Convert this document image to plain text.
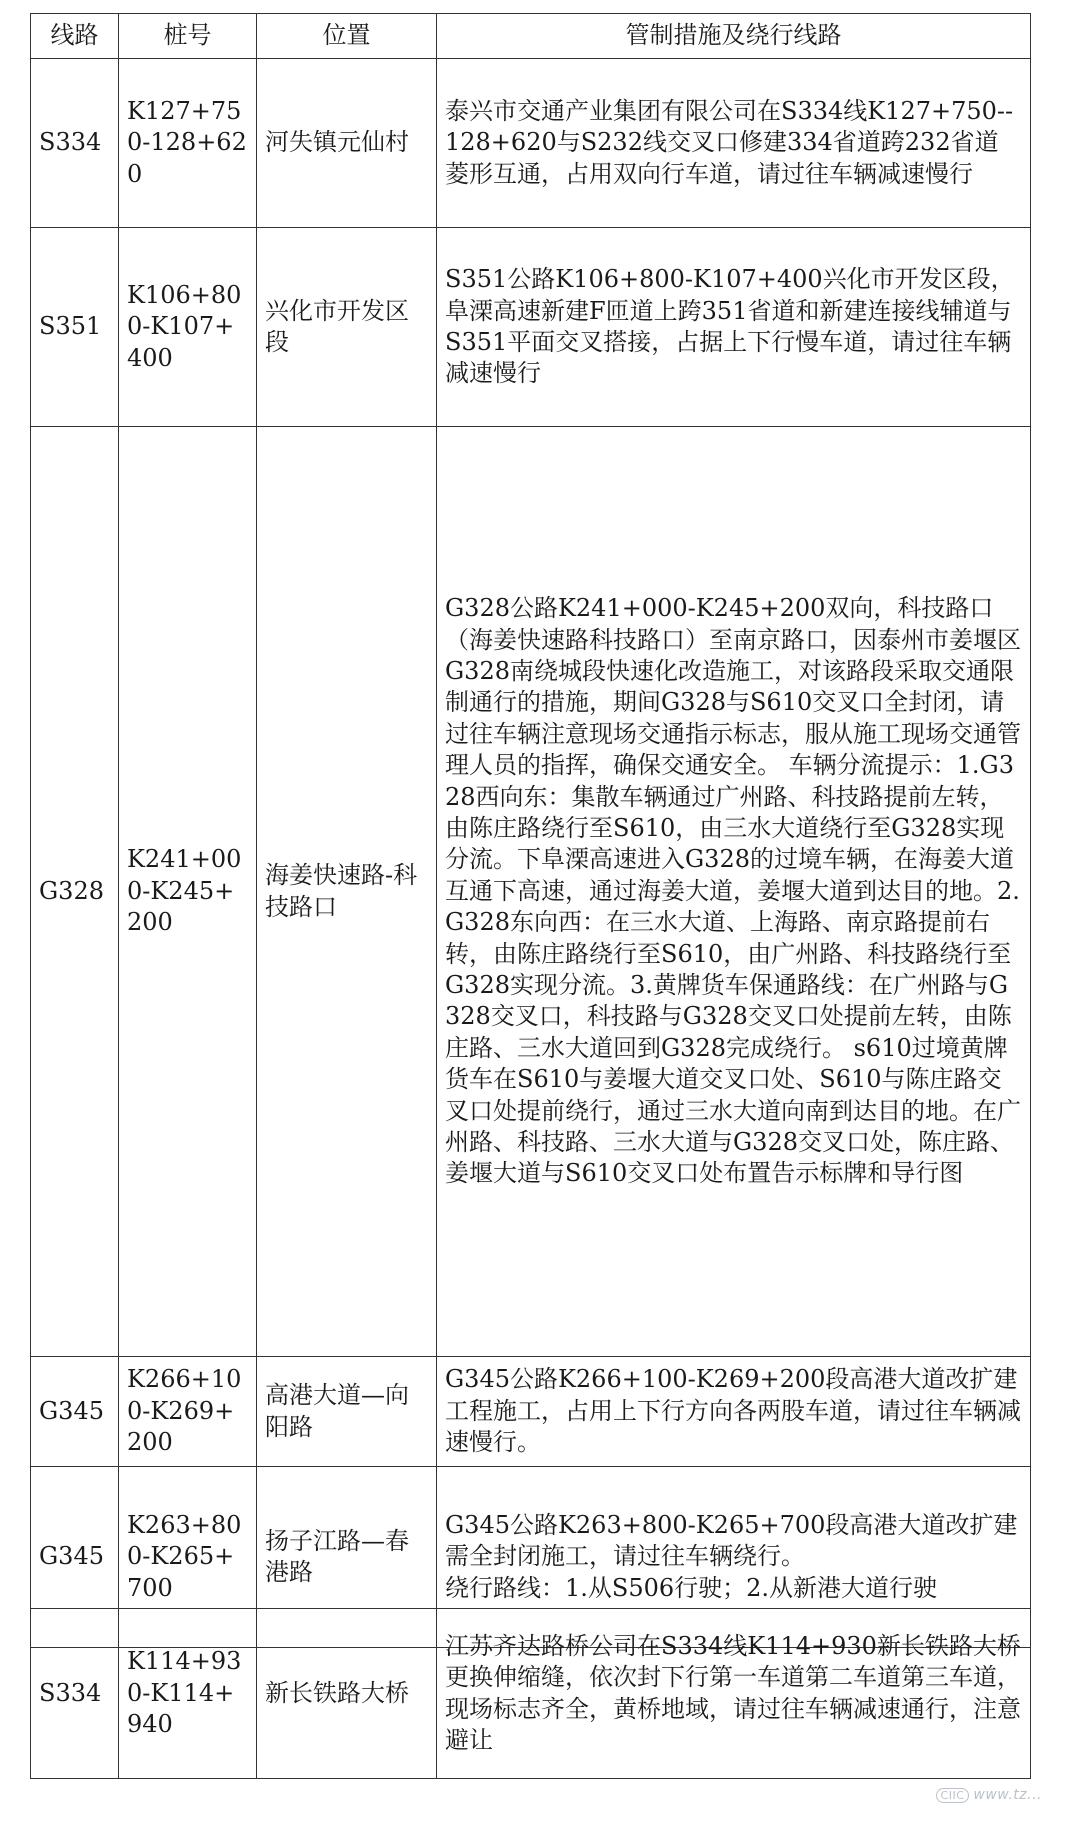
线路	桩号	位置	管制措施及绕行线路
S334	K127+750-128+620	河失镇元仙村	泰兴市交通产业集团有限公司在S334线K127+750--128+620与S232线交叉口修建334省道跨232省道菱形互通，占用双向行车道，请过往车辆减速慢行
S351	K106+800-K107+400	兴化市开发区段	S351公路K106+800-K107+400兴化市开发区段，阜溧高速新建F匝道上跨351省道和新建连接线辅道与S351平面交叉搭接，占据上下行慢车道，请过往车辆减速慢行
G328	K241+000-K245+200	海姜快速路-科技路口	G328公路K241+000-K245+200双向，科技路口（海姜快速路科技路口）至南京路口，因泰州市姜堰区G328南绕城段快速化改造施工，对该路段采取交通限制通行的措施，期间G328与S610交叉口全封闭，请过往车辆注意现场交通指示标志，服从施工现场交通管理人员的指挥，确保交通安全。 车辆分流提示：1.G328西向东：集散车辆通过广州路、科技路提前左转，由陈庄路绕行至S610，由三水大道绕行至G328实现分流。下阜溧高速进入G328的过境车辆，在海姜大道互通下高速，通过海姜大道，姜堰大道到达目的地。2.G328东向西：在三水大道、上海路、南京路提前右转，由陈庄路绕行至S610，由广州路、科技路绕行至G328实现分流。3.黄牌货车保通路线：在广州路与G328交叉口，科技路与G328交叉口处提前左转，由陈庄路、三水大道回到G328完成绕行。 s610过境黄牌货车在S610与姜堰大道交叉口处、S610与陈庄路交叉口处提前绕行，通过三水大道向南到达目的地。在广州路、科技路、三水大道与G328交叉口处，陈庄路、姜堰大道与S610交叉口处布置告示标牌和导行图
G345	K266+100-K269+200	高港大道—向阳路	G345公路K266+100-K269+200段高港大道改扩建工程施工，占用上下行方向各两股车道，请过往车辆减速慢行。
G345	K263+800-K265+700	扬子江路—春港路	G345公路K263+800-K265+700段高港大道改扩建需全封闭施工，请过往车辆绕行。
绕行路线：1.从S506行驶；2.从新港大道行驶
S334	K114+930-K114+940	新长铁路大桥	江苏齐达路桥公司在S334线K114+930新长铁路大桥更换伸缩缝，依次封下行第一车道第二车道第三车道，现场标志齐全，黄桥地域，请过往车辆减速通行，注意避让
CIIC www.tz...
